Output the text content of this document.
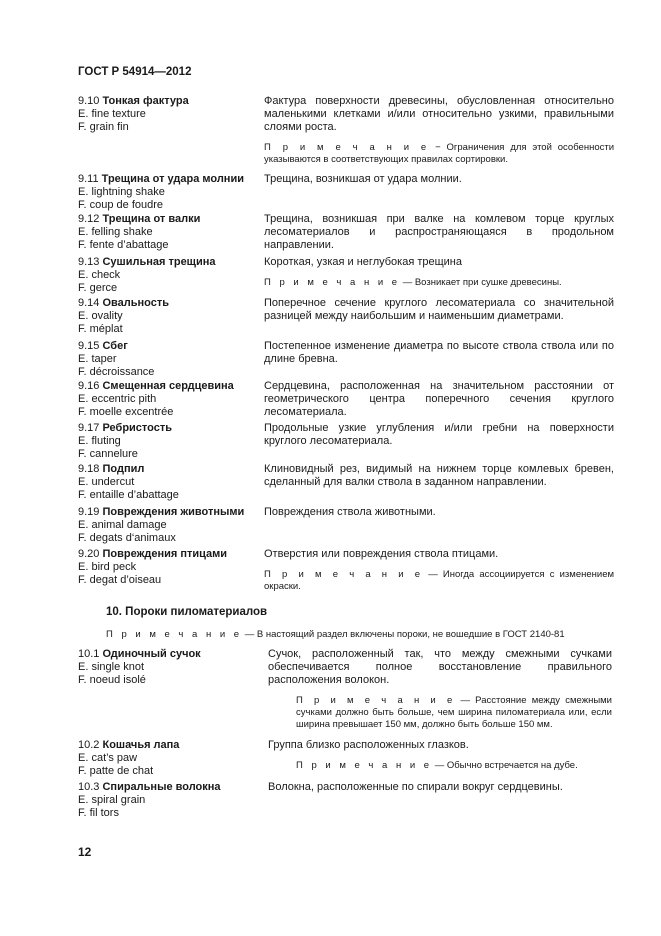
ГОСТ Р 54914—2012
9.10 Тонкая фактура
E. fine texture
F. grain fin
Фактура поверхности древесины, обусловленная относительно маленькими клетками и/или относительно узкими, правильными слоями роста.
П р и м е ч а н и е − Ограничения для этой особенности указываются в соответствующих правилах сортировки.
9.11 Трещина от удара молнии
E. lightning shake
F. coup de foudre
Трещина, возникшая от удара молнии.
9.12 Трещина от валки
E. felling shake
F. fente d’abattage
Трещина, возникшая при валке на комлевом торце круглых лесоматериалов и распространяющаяся в продольном направлении.
9.13 Сушильная трещина
E. check
F. gerce
Короткая, узкая и неглубокая трещина
П р и м е ч а н и е — Возникает при сушке древесины.
9.14 Овальность
E. ovality
F. méplat
Поперечное сечение круглого лесоматериала со значительной разницей между наибольшим и наименьшим диаметрами.
9.15 Сбег
E. taper
F. décroissance
Постепенное изменение диаметра по высоте ствола ствола или по длине бревна.
9.16 Смещенная сердцевина
E. eccentric pith
F. moelle excentrée
Сердцевина, расположенная на значительном расстоянии от геометрического центра поперечного сечения круглого лесоматериала.
9.17 Ребристость
E. fluting
F. cannelure
Продольные узкие углубления и/или гребни на поверхности круглого лесоматериала.
9.18 Подпил
E. undercut
F. entaille d’abattage
Клиновидный рез, видимый на нижнем торце комлевых бревен, сделанный для валки ствола в заданном направлении.
9.19 Повреждения животными
E. animal damage
F. degats d‘animaux
Повреждения ствола животными.
9.20 Повреждения птицами
E. bird peck
F. degat d’oiseau
Отверстия или повреждения ствола птицами.
П р и м е ч а н и е — Иногда ассоциируется с изменением окраски.
10. Пороки пиломатериалов
П р и м е ч а н и е — В настоящий раздел включены пороки, не вошедшие в ГОСТ 2140-81
10.1 Одиночный сучок
E. single knot
F. noeud isolé
Сучок, расположенный так, что между смежными сучками обеспечивается полное восстановление правильного расположения волокон.
П р и м е ч а н и е — Расстояние между смежными сучками должно быть больше, чем ширина пиломатериала или, если ширина превышает 150 мм, должно быть больше 150 мм.
10.2 Кошачья лапа
E. cat’s paw
F. patte de chat
Группа близко расположенных глазков.
П р и м е ч а н и е — Обычно встречается на дубе.
10.3 Спиральные волокна
E. spiral grain
F. fil tors
Волокна, расположенные по спирали вокруг сердцевины.
12
